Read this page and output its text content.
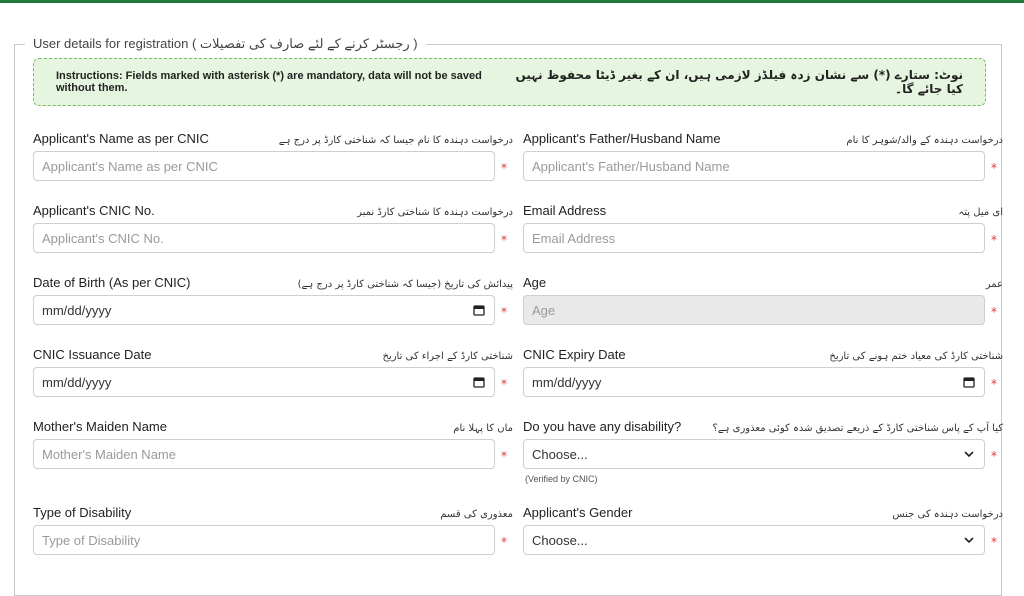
User details for registration ( رجسٹر کرنے کے لئے صارف کی تفصیلات )
Instructions: Fields marked with asterisk (*) are mandatory, data will not be saved without them.
نوٹ: ستارے (*) سے نشان زدہ فیلڈز لازمی ہیں، ان کے بغیر ڈیٹا محفوظ نہیں کیا جائے گا۔
Applicant's Name as per CNIC	درخواست دہندہ کا نام جیسا کہ شناختی کارڈ پر درج ہے
Applicant's Name as per CNIC	*
Applicant's Father/Husband Name	درخواست دہندہ کے والد/شوہر کا نام
Applicant's Father/Husband Name	*
Applicant's CNIC No.	درخواست دہندہ کا شناختی کارڈ نمبر
Applicant's CNIC No.	*
Email Address	ای میل پتہ
Email Address	*
Date of Birth (As per CNIC)	پیدائش کی تاریخ (جیسا کہ شناختی کارڈ پر درج ہے)
mm/dd/yyyy	*
Age	عمر
Age	*
CNIC Issuance Date	شناختی کارڈ کے اجراء کی تاریخ
mm/dd/yyyy	*
CNIC Expiry Date	شناختی کارڈ کی معیاد ختم ہونے کی تاریخ
mm/dd/yyyy	*
Mother's Maiden Name	ماں کا پہلا نام
Mother's Maiden Name	*
Do you have any disability?	کیا آپ کے پاس شناختی کارڈ کے ذریعے تصدیق شدہ کوئی معذوری ہے؟
Choose...	*
(Verified by CNIC)
Type of Disability	معذوری کی قسم
Type of Disability	*
Applicant's Gender	درخواست دہندہ کی جنس
Choose...	*
